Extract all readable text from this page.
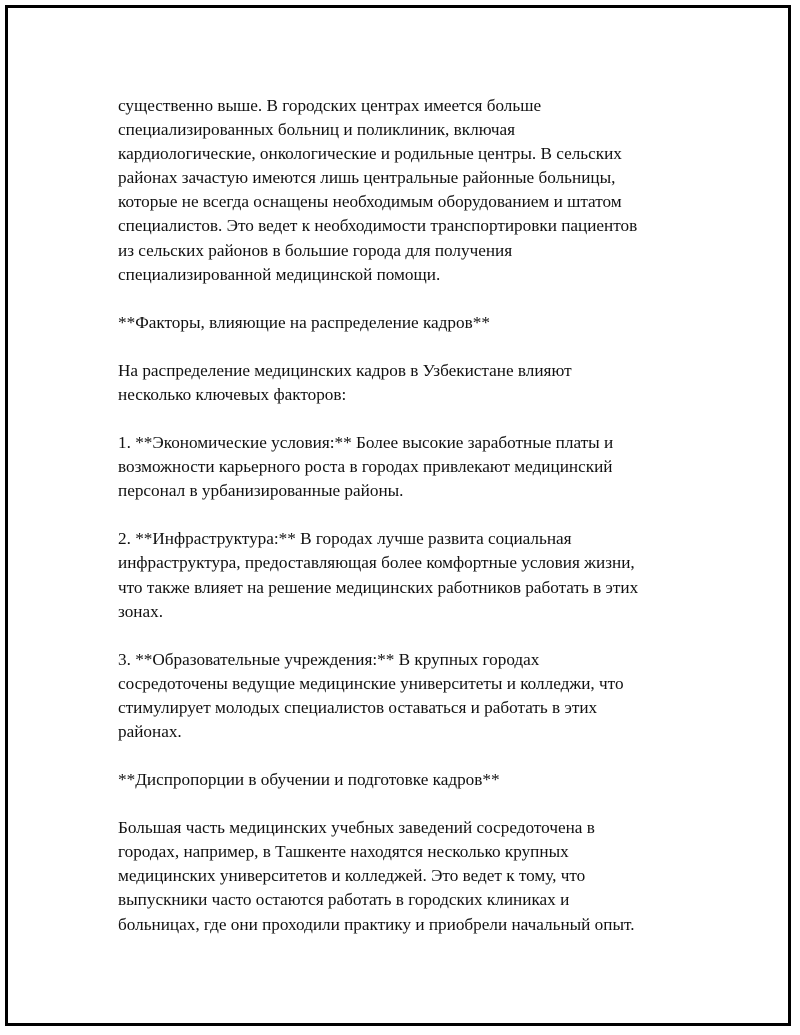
существенно выше. В городских центрах имеется больше
специализированных больниц и поликлиник, включая
кардиологические, онкологические и родильные центры. В сельских
районах зачастую имеются лишь центральные районные больницы,
которые не всегда оснащены необходимым оборудованием и штатом
специалистов. Это ведет к необходимости транспортировки пациентов
из сельских районов в большие города для получения
специализированной медицинской помощи.

**Факторы, влияющие на распределение кадров**

На распределение медицинских кадров в Узбекистане влияют
несколько ключевых факторов:

1. **Экономические условия:** Более высокие заработные платы и
возможности карьерного роста в городах привлекают медицинский
персонал в урбанизированные районы.

2. **Инфраструктура:** В городах лучше развита социальная
инфраструктура, предоставляющая более комфортные условия жизни,
что также влияет на решение медицинских работников работать в этих
зонах.

3. **Образовательные учреждения:** В крупных городах
сосредоточены ведущие медицинские университеты и колледжи, что
стимулирует молодых специалистов оставаться и работать в этих
районах.

**Диспропорции в обучении и подготовке кадров**

Большая часть медицинских учебных заведений сосредоточена в
городах, например, в Ташкенте находятся несколько крупных
медицинских университетов и колледжей. Это ведет к тому, что
выпускники часто остаются работать в городских клиниках и
больницах, где они проходили практику и приобрели начальный опыт.
